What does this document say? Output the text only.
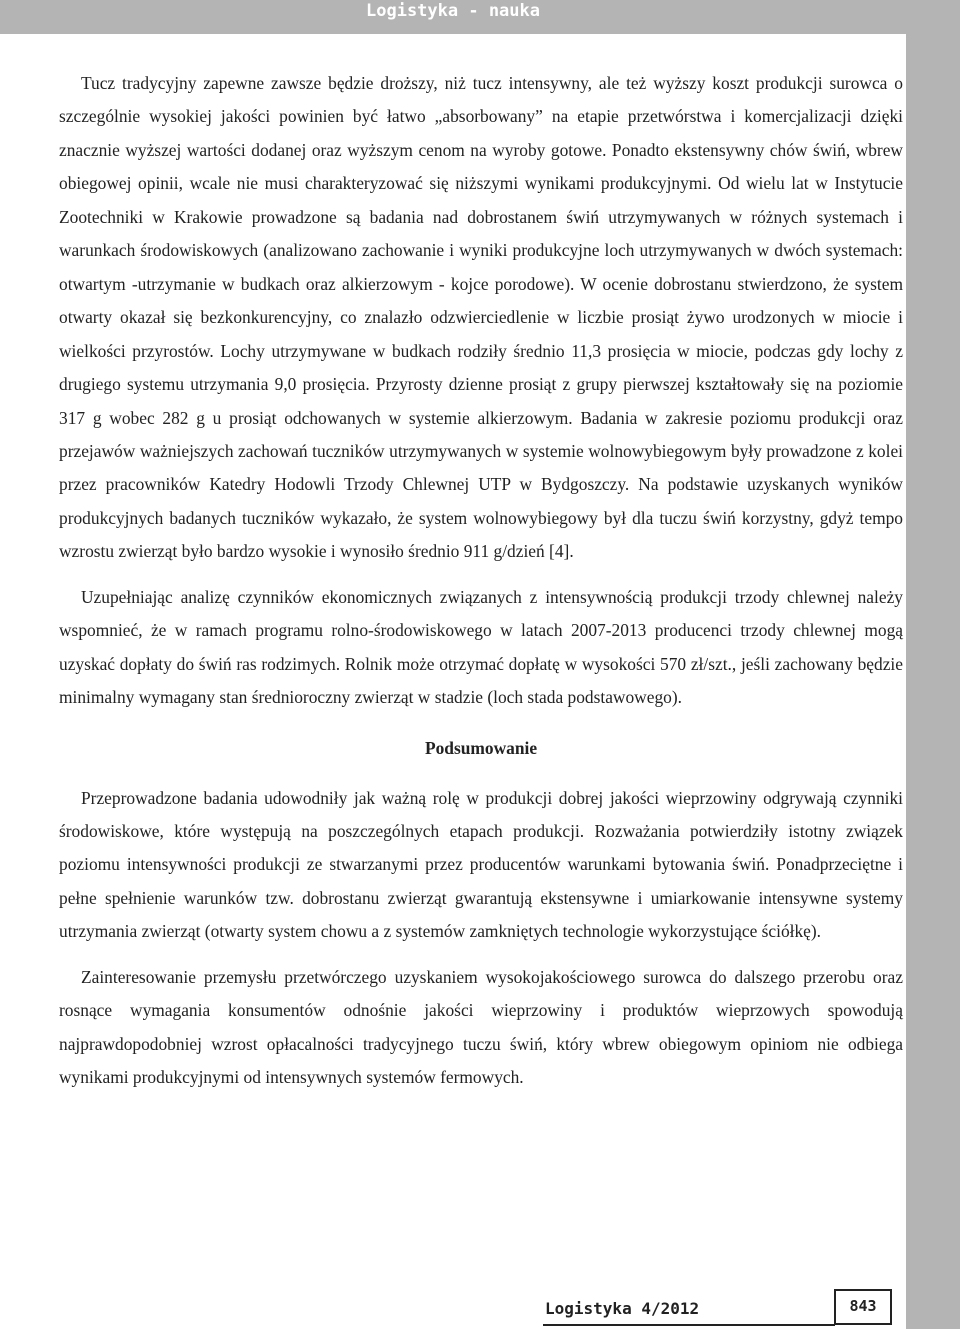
Logistyka - nauka

Tucz tradycyjny zapewne zawsze będzie droższy, niż tucz intensywny, ale też wyższy koszt produkcji surowca o szczególnie wysokiej jakości powinien być łatwo „absorbowany” na etapie przetwórstwa i komercjalizacji dzięki znacznie wyższej wartości dodanej oraz wyższym cenom na wyroby gotowe. Ponadto ekstensywny chów świń, wbrew obiegowej opinii, wcale nie musi charakteryzować się niższymi wynikami produkcyjnymi. Od wielu lat w Instytucie Zootechniki w Krakowie prowadzone są badania nad dobrostanem świń utrzymywanych w różnych systemach i warunkach środowiskowych (analizowano zachowanie i wyniki produkcyjne loch utrzymywanych w dwóch systemach: otwartym -utrzymanie w budkach oraz alkierzowym - kojce porodowe). W ocenie dobrostanu stwierdzono, że system otwarty okazał się bezkonkurencyjny, co znalazło odzwierciedlenie w liczbie prosiąt żywo urodzonych w miocie i wielkości przyrostów. Lochy utrzymywane w budkach rodziły średnio 11,3 prosięcia w miocie, podczas gdy lochy z drugiego systemu utrzymania 9,0 prosięcia. Przyrosty dzienne prosiąt z grupy pierwszej kształtowały się na poziomie 317 g wobec 282 g u prosiąt odchowanych w systemie alkierzowym. Badania w zakresie poziomu produkcji oraz przejawów ważniejszych zachowań tuczników utrzymywanych w systemie wolnowybiegowym były prowadzone z kolei przez pracowników Katedry Hodowli Trzody Chlewnej UTP w Bydgoszczy. Na podstawie uzyskanych wyników produkcyjnych badanych tuczników wykazało, że system wolnowybiegowy był dla tuczu świń korzystny, gdyż tempo wzrostu zwierząt było bardzo wysokie i wynosiło średnio 911 g/dzień [4].

Uzupełniając analizę czynników ekonomicznych związanych z intensywnością produkcji trzody chlewnej należy wspomnieć, że w ramach programu rolno-środowiskowego w latach 2007-2013 producenci trzody chlewnej mogą uzyskać dopłaty do świń ras rodzimych. Rolnik może otrzymać dopłatę w wysokości 570 zł/szt., jeśli zachowany będzie minimalny wymagany stan średnioroczny zwierząt w stadzie (loch stada podstawowego).

Podsumowanie

Przeprowadzone badania udowodniły jak ważną rolę w produkcji dobrej jakości wieprzowiny odgrywają czynniki środowiskowe, które występują na poszczególnych etapach produkcji. Rozważania potwierdziły istotny związek poziomu intensywności produkcji ze stwarzanymi przez producentów warunkami bytowania świń. Ponadprzeciętne i pełne spełnienie warunków tzw. dobrostanu zwierząt gwarantują ekstensywne i umiarkowanie intensywne systemy utrzymania zwierząt (otwarty system chowu a z systemów zamkniętych technologie wykorzystujące ściółkę).

Zainteresowanie przemysłu przetwórczego uzyskaniem wysokojakościowego surowca do dalszego przerobu oraz rosnące wymagania konsumentów odnośnie jakości wieprzowiny i produktów wieprzowych spowodują najprawdopodobniej wzrost opłacalności tradycyjnego tuczu świń, który wbrew obiegowym opiniom nie odbiega wynikami produkcyjnymi od intensywnych systemów fermowych.

Logistyka 4/2012	843
